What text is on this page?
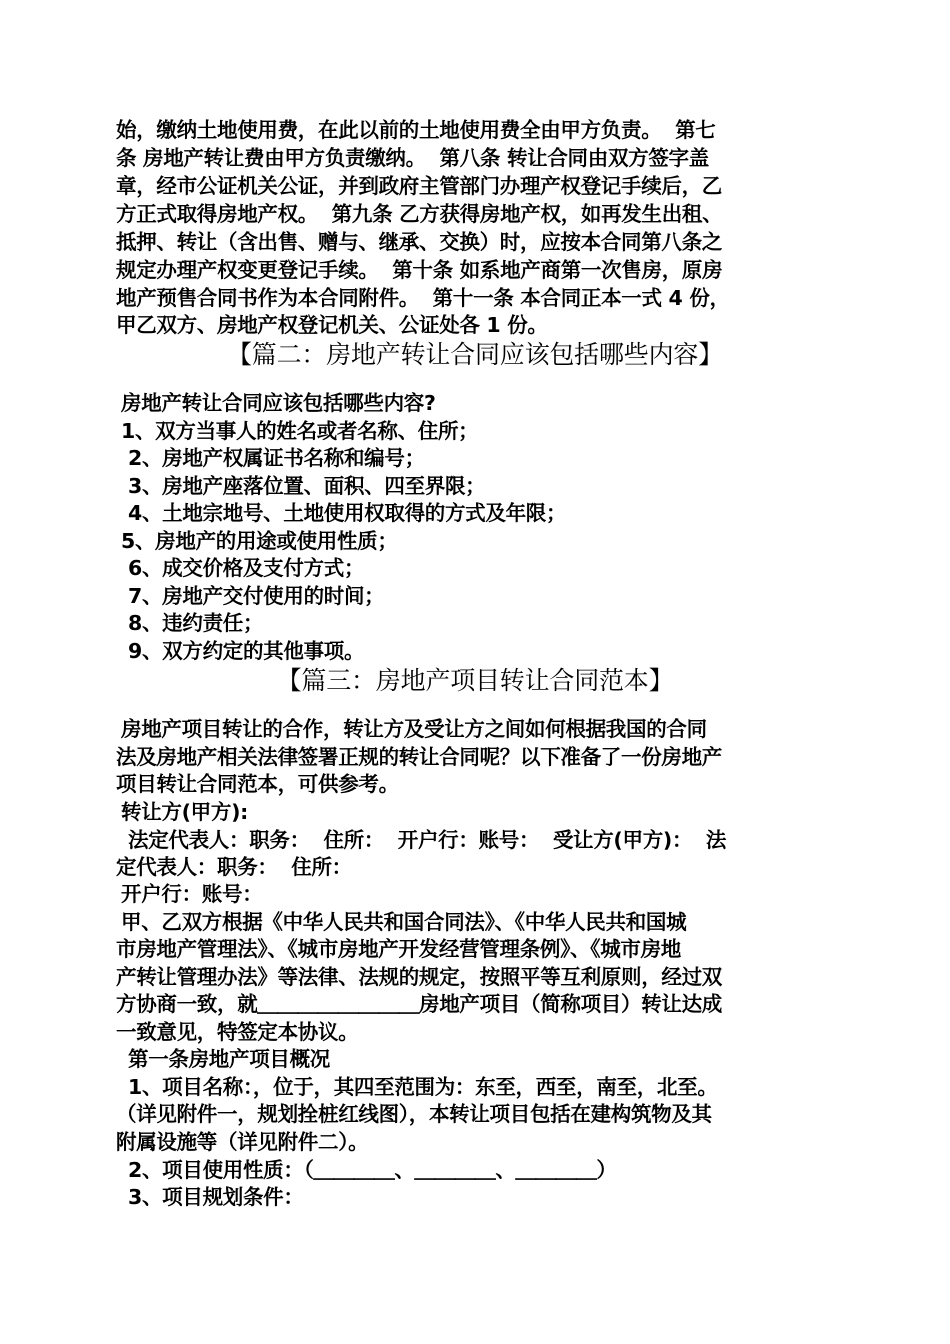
始，缴纳土地使用费，在此以前的土地使用费全由甲方负责。  第七
条 房地产转让费由甲方负责缴纳。  第八条 转让合同由双方签字盖
章，经市公证机关公证，并到政府主管部门办理产权登记手续后，乙
方正式取得房地产权。  第九条 乙方获得房地产权，如再发生出租、
抵押、转让（含出售、赠与、继承、交换）时，应按本合同第八条之
规定办理产权变更登记手续。  第十条 如系地产商第一次售房，原房
地产预售合同书作为本合同附件。  第十一条 本合同正本一式 4 份，
甲乙双方、房地产权登记机关、公证处各 1 份。
【篇二：房地产转让合同应该包括哪些内容】
房地产转让合同应该包括哪些内容?
1、双方当事人的姓名或者名称、住所；
2、房地产权属证书名称和编号；
3、房地产座落位置、面积、四至界限；
4、土地宗地号、土地使用权取得的方式及年限；
5、房地产的用途或使用性质；
6、成交价格及支付方式；
7、房地产交付使用的时间；
8、违约责任；
9、双方约定的其他事项。
【篇三：房地产项目转让合同范本】
房地产项目转让的合作，转让方及受让方之间如何根据我国的合同
法及房地产相关法律签署正规的转让合同呢？以下准备了一份房地产
项目转让合同范本，可供参考。
转让方(甲方):
法定代表人：职务：  住所：  开户行：账号：  受让方(甲方)：  法
定代表人：职务：  住所：
开户行：账号：
甲、乙双方根据《中华人民共和国合同法》、《中华人民共和国城
市房地产管理法》、《城市房地产开发经营管理条例》、《城市房地
产转让管理办法》等法律、法规的规定，按照平等互利原则，经过双
方协商一致，就＿＿＿＿＿＿＿＿房地产项目（简称项目）转让达成
一致意见，特签定本协议。
第一条房地产项目概况
1、项目名称：，位于，其四至范围为：东至，西至，南至，北至。
（详见附件一，规划拴桩红线图），本转让项目包括在建构筑物及其
附属设施等（详见附件二）。
2、项目使用性质：（＿＿＿＿、＿＿＿＿、＿＿＿＿）
3、项目规划条件：
